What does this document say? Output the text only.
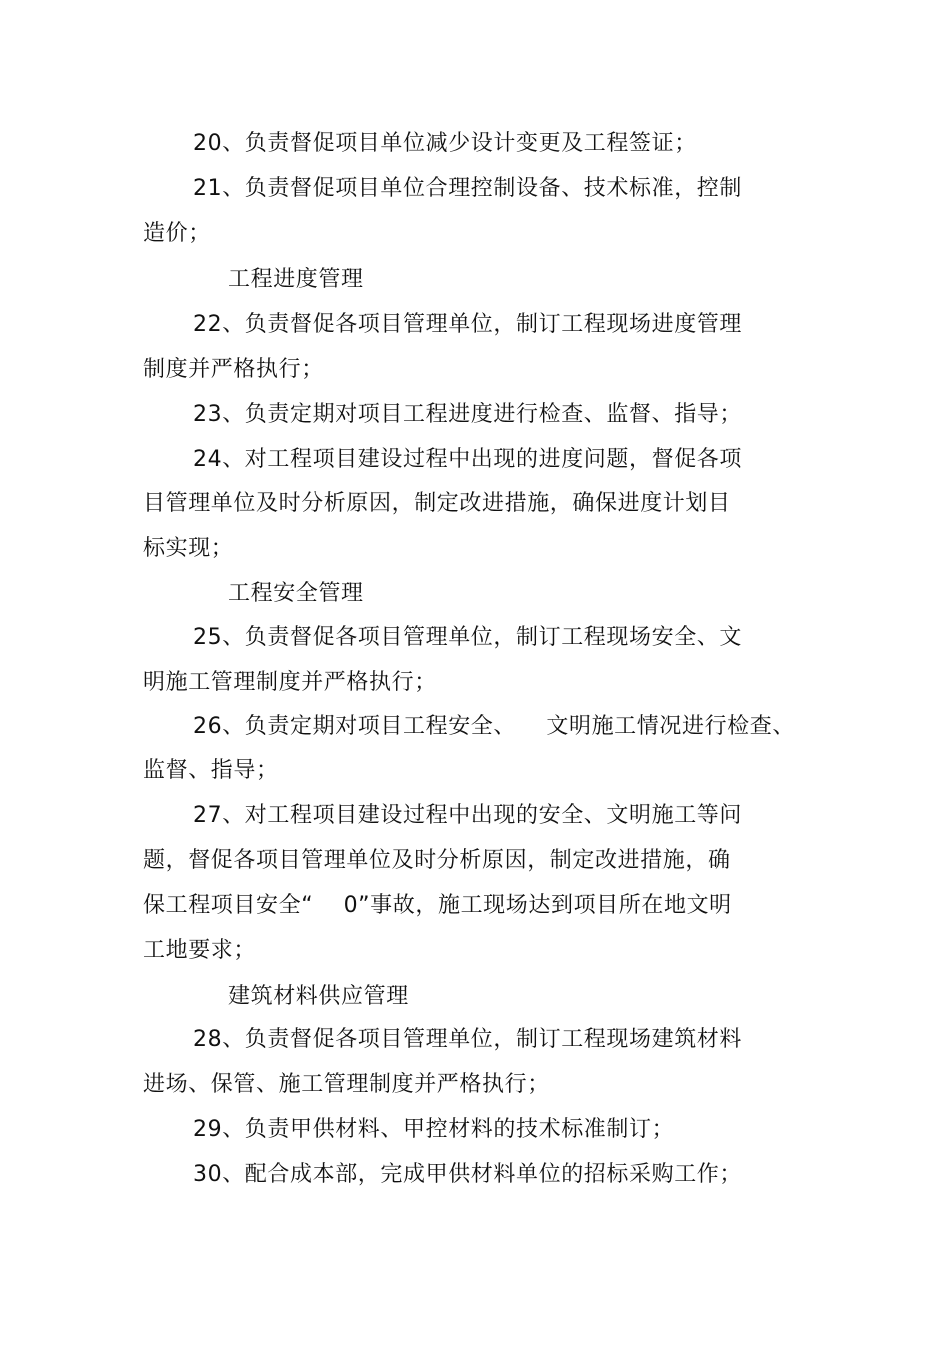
20、负责督促项目单位减少设计变更及工程签证；
21、负责督促项目单位合理控制设备、技术标准，控制
造价；
工程进度管理
22、负责督促各项目管理单位，制订工程现场进度管理
制度并严格执行；
23、负责定期对项目工程进度进行检查、监督、指导；
24、对工程项目建设过程中出现的进度问题，督促各项
目管理单位及时分析原因，制定改进措施，确保进度计划目
标实现；
工程安全管理
25、负责督促各项目管理单位，制订工程现场安全、文
明施工管理制度并严格执行；
26、负责定期对项目工程安全、    文明施工情况进行检查、
监督、指导；
27、对工程项目建设过程中出现的安全、文明施工等问
题，督促各项目管理单位及时分析原因，制定改进措施，确
保工程项目安全“    0”事故，施工现场达到项目所在地文明
工地要求；
建筑材料供应管理
28、负责督促各项目管理单位，制订工程现场建筑材料
进场、保管、施工管理制度并严格执行；
29、负责甲供材料、甲控材料的技术标准制订；
30、配合成本部，完成甲供材料单位的招标采购工作；
